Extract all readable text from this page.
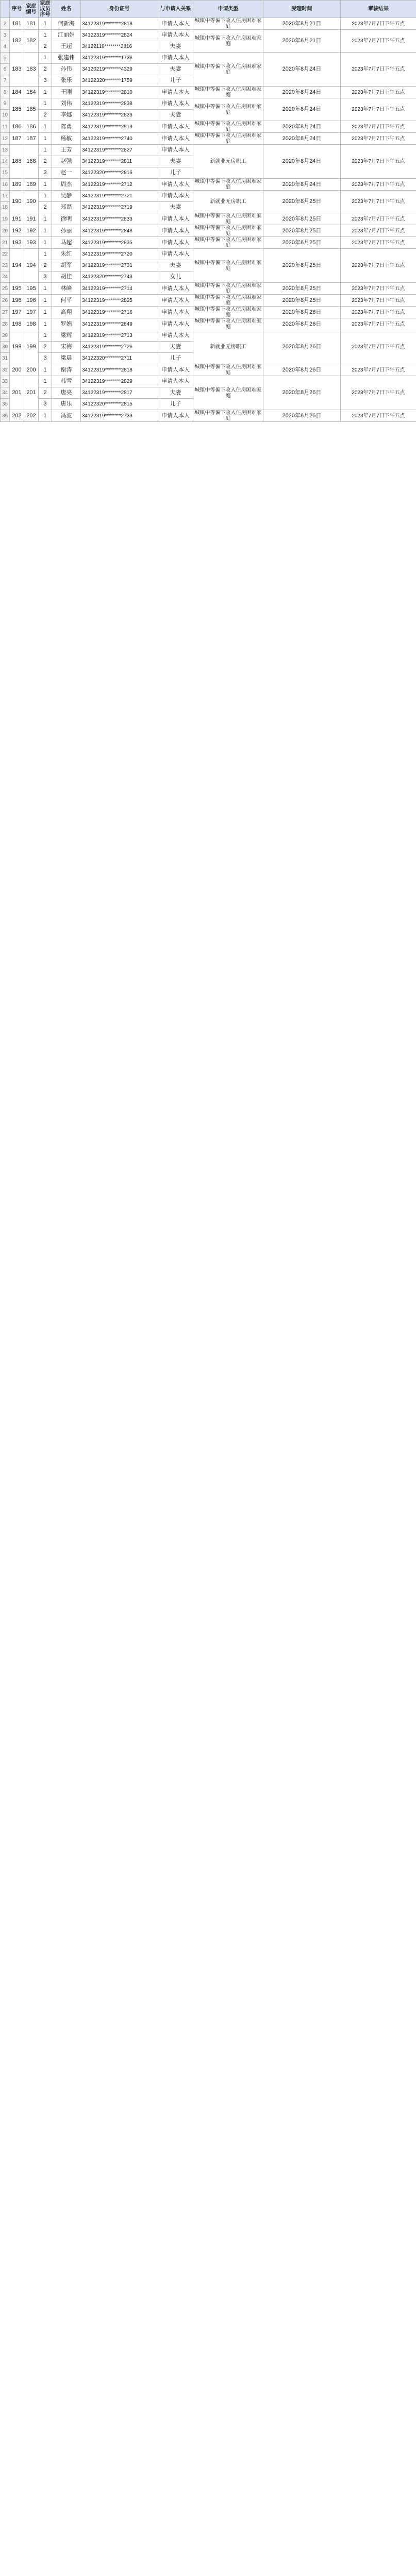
	序号	家庭编号	家庭成员序号	姓名	身份证号	与申请人关系	申请类型	受理时间	审核结果
2	181	181	1	何新海	34122319********2818	申请人本人	城镇中等偏下收入住房困难家庭	2020年8月21日	2023年7月7日下午五点
3	182	182	1	江丽娟	34122319********2824	申请人本人	城镇中等偏下收入住房困难家庭	2020年8月21日	2023年7月7日下午五点
4			2	王超	34122119********2816	夫妻			
5	183	183	1	张建伟	34122319********1736	申请人本人	城镇中等偏下收入住房困难家庭	2020年8月24日	2023年7月7日下午五点
6			2	孙伟	34120219********4329	夫妻			
7			3	张乐	34122320********1759	儿子			
8	184	184	1	王刚	34122319********2810	申请人本人	城镇中等偏下收入住房困难家庭	2020年8月24日	2023年7月7日下午五点
9	185	185	1	刘伟	34122319********2838	申请人本人	城镇中等偏下收入住房困难家庭	2020年8月24日	2023年7月7日下午五点
10			2	李娜	34122319********2823	夫妻			
11	186	186	1	陈勇	34122319********2919	申请人本人	城镇中等偏下收入住房困难家庭	2020年8月24日	2023年7月7日下午五点
12	187	187	1	杨敏	34122319********2740	申请人本人	城镇中等偏下收入住房困难家庭	2020年8月24日	2023年7月7日下午五点
13	188	188	1	王芳	34122319********2827	申请人本人	新就业无房职工	2020年8月24日	2023年7月7日下午五点
14			2	赵强	34122319********2811	夫妻			
15			3	赵一	34122320********2816	儿子			
16	189	189	1	周杰	34122319********2712	申请人本人	城镇中等偏下收入住房困难家庭	2020年8月24日	2023年7月7日下午五点
17	190	190	1	吴静	34122319********2721	申请人本人	新就业无房职工	2020年8月25日	2023年7月7日下午五点
18			2	郑磊	34122319********2719	夫妻			
19	191	191	1	徐明	34122319********2833	申请人本人	城镇中等偏下收入住房困难家庭	2020年8月25日	2023年7月7日下午五点
20	192	192	1	孙丽	34122319********2848	申请人本人	城镇中等偏下收入住房困难家庭	2020年8月25日	2023年7月7日下午五点
21	193	193	1	马超	34122319********2835	申请人本人	城镇中等偏下收入住房困难家庭	2020年8月25日	2023年7月7日下午五点
22	194	194	1	朱红	34122319********2720	申请人本人	城镇中等偏下收入住房困难家庭	2020年8月25日	2023年7月7日下午五点
23			2	胡军	34122319********2731	夫妻			
24			3	胡佳	34122320********2743	女儿			
25	195	195	1	林峰	34122319********2714	申请人本人	城镇中等偏下收入住房困难家庭	2020年8月25日	2023年7月7日下午五点
26	196	196	1	何平	34122319********2825	申请人本人	城镇中等偏下收入住房困难家庭	2020年8月25日	2023年7月7日下午五点
27	197	197	1	高翔	34122319********2716	申请人本人	城镇中等偏下收入住房困难家庭	2020年8月26日	2023年7月7日下午五点
28	198	198	1	罗娟	34122319********2849	申请人本人	城镇中等偏下收入住房困难家庭	2020年8月26日	2023年7月7日下午五点
29	199	199	1	梁辉	34122319********2713	申请人本人	新就业无房职工	2020年8月26日	2023年7月7日下午五点
30			2	宋梅	34122319********2726	夫妻			
31			3	梁晨	34122320********2711	儿子			
32	200	200	1	谢涛	34122319********2818	申请人本人	城镇中等偏下收入住房困难家庭	2020年8月26日	2023年7月7日下午五点
33	201	201	1	韩雪	34122319********2829	申请人本人	城镇中等偏下收入住房困难家庭	2020年8月26日	2023年7月7日下午五点
34			2	唐亮	34122319********2817	夫妻			
35			3	唐乐	34122320********2815	儿子			
36	202	202	1	冯波	34122319********2733	申请人本人	城镇中等偏下收入住房困难家庭	2020年8月26日	2023年7月7日下午五点
